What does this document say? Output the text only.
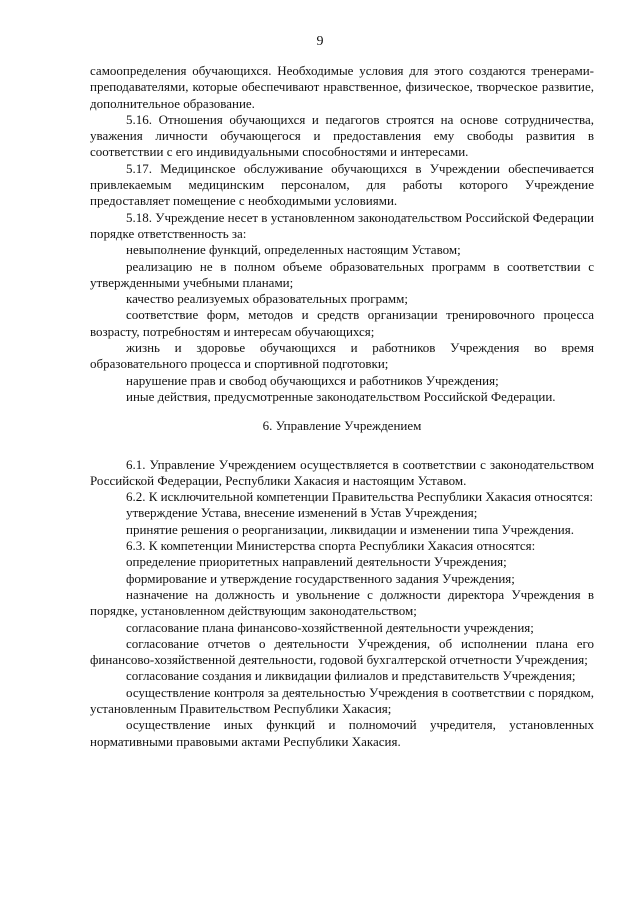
9

самоопределения обучающихся. Необходимые условия для этого создаются тренерами-преподавателями, которые обеспечивают нравственное, физическое, творческое развитие, дополнительное образование.

5.16. Отношения обучающихся и педагогов строятся на основе сотрудничества, уважения личности обучающегося и предоставления ему свободы развития в соответствии с его индивидуальными способностями и интересами.

5.17. Медицинское обслуживание обучающихся в Учреждении обеспечивается привлекаемым медицинским персоналом, для работы которого Учреждение предоставляет помещение с необходимыми условиями.

5.18. Учреждение несет в установленном законодательством Российской Федерации порядке ответственность за:

невыполнение функций, определенных настоящим Уставом;

реализацию не в полном объеме образовательных программ в соответствии с утвержденными учебными планами;

качество реализуемых образовательных программ;

соответствие форм, методов и средств организации тренировочного процесса возрасту, потребностям и интересам обучающихся;

жизнь и здоровье обучающихся и работников Учреждения во время образовательного процесса и спортивной подготовки;

нарушение прав и свобод обучающихся и работников Учреждения;

иные действия, предусмотренные законодательством Российской Федерации.

6. Управление Учреждением

6.1. Управление Учреждением осуществляется в соответствии с законодательством Российской Федерации, Республики Хакасия и настоящим Уставом.

6.2. К исключительной компетенции Правительства Республики Хакасия относятся:

утверждение Устава, внесение изменений в Устав Учреждения;

принятие решения о реорганизации, ликвидации и изменении типа Учреждения.

6.3. К компетенции Министерства спорта Республики Хакасия относятся:

определение приоритетных направлений деятельности Учреждения;

формирование и утверждение государственного задания Учреждения;

назначение на должность и увольнение с должности директора Учреждения в порядке, установленном действующим законодательством;

согласование плана финансово-хозяйственной деятельности учреждения;

согласование отчетов о деятельности Учреждения, об исполнении плана его финансово-хозяйственной деятельности, годовой бухгалтерской отчетности Учреждения;

согласование создания и ликвидации филиалов и представительств Учреждения;

осуществление контроля за деятельностью Учреждения в соответствии с порядком, установленным Правительством Республики Хакасия;

осуществление иных функций и полномочий учредителя, установленных нормативными правовыми актами Республики Хакасия.
